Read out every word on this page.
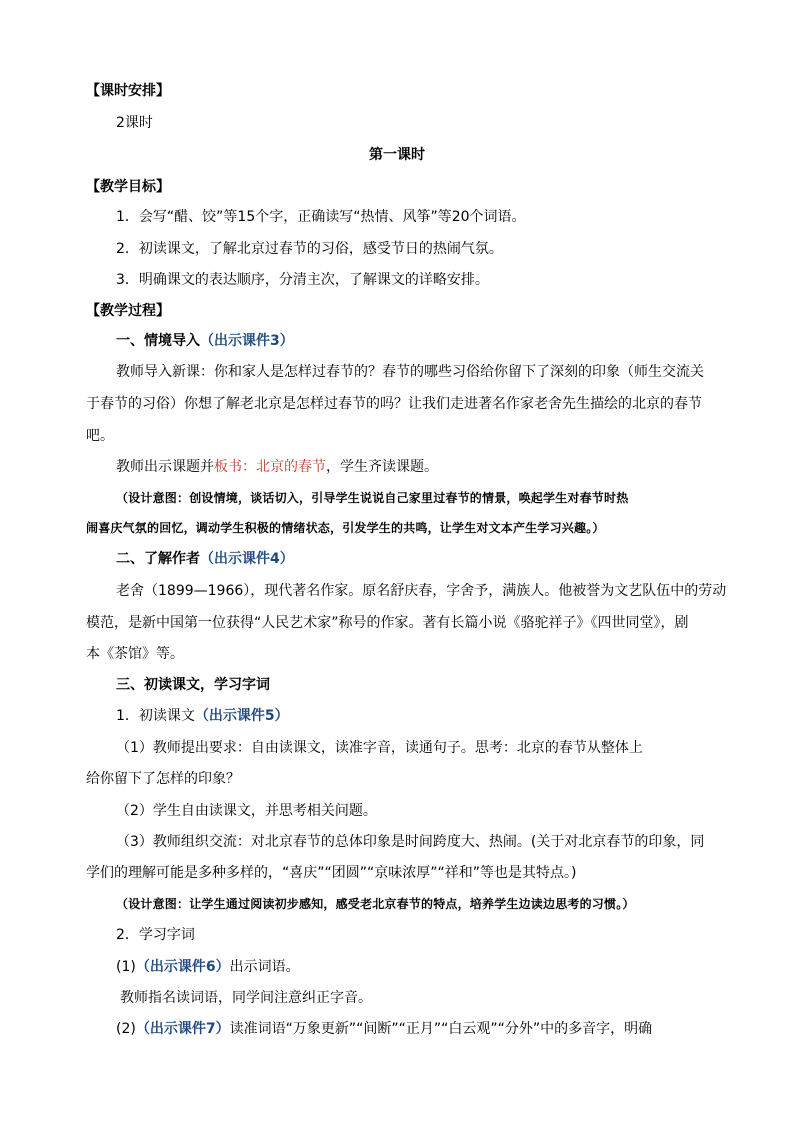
【课时安排】
2课时
第一课时
【教学目标】
1．会写“醋、饺”等15个字，正确读写“热情、风筝”等20个词语。
2．初读课文，了解北京过春节的习俗，感受节日的热闹气氛。
3．明确课文的表达顺序，分清主次，了解课文的详略安排。
【教学过程】
一、情境导入（出示课件3）
教师导入新课：你和家人是怎样过春节的？春节的哪些习俗给你留下了深刻的印象（师生交流关
于春节的习俗）你想了解老北京是怎样过春节的吗？让我们走进著名作家老舍先生描绘的北京的春节
吧。
教师出示课题并板书：北京的春节，学生齐读课题。
（设计意图：创设情境，谈话切入，引导学生说说自己家里过春节的情景，唤起学生对春节时热
闹喜庆气氛的回忆，调动学生积极的情绪状态，引发学生的共鸣，让学生对文本产生学习兴趣。）
二、了解作者（出示课件4）
老舍（1899—1966），现代著名作家。原名舒庆春，字舍予，满族人。他被誉为文艺队伍中的劳动
模范，是新中国第一位获得“人民艺术家”称号的作家。著有长篇小说《骆驼祥子》《四世同堂》，剧
本《茶馆》等。
三、初读课文，学习字词
1．初读课文（出示课件5）
（1）教师提出要求：自由读课文，读准字音，读通句子。思考：北京的春节从整体上
给你留下了怎样的印象？
（2）学生自由读课文，并思考相关问题。
（3）教师组织交流：对北京春节的总体印象是时间跨度大、热闹。(关于对北京春节的印象，同
学们的理解可能是多种多样的，“喜庆”“团圆”“京味浓厚”“祥和”等也是其特点。)
（设计意图：让学生通过阅读初步感知，感受老北京春节的特点，培养学生边读边思考的习惯。）
2．学习字词
(1)（出示课件6）出示词语。
教师指名读词语，同学间注意纠正字音。
(2)（出示课件7）读准词语“万象更新”“间断”“正月”“白云观”“分外”中的多音字，明确
